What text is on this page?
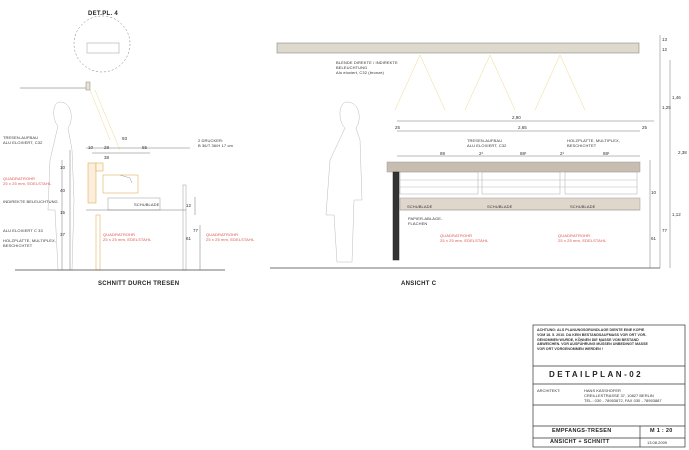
DET.PL. 4
TRESEN-AUFBAU
ALU ELOXIERT, C32
QUADRATROHR
25 x 25 mm, EDELSTAHL
INDIREKTE BELEUCHTUNG
ALU ELOXIERT C 33
HOLZPLATTE, MULTIPLEX,
BESCHICHTET
QUADRATROHR
25 x 25 mm, EDELSTAHL
QUADRATROHR
25 x 25 mm, EDELSTAHL
2 DRUCKER:
B 36/T 36/H 17 cm
SCHUBLADE
93
10 28	55
38
10
40
15
37
12
77
61
SCHNITT DURCH TRESEN
BLENDE DIREKTE / INDIREKTE
BELEUCHTUNG
Alu eloxiert, C32 (bronze)
TRESEN-AUFBAU
ALU ELOXIERT, C32
HOLZPLATTE, MULTIPLEX,
BESCHICHTET
SCHUBLADE	SCHUBLADE	SCHUBLADE
PAPIER-ABLAGE-
FLÄCHEN
QUADRATROHR
25 x 25 mm, EDELSTAHL
QUADRATROHR
25 x 25 mm, EDELSTAHL
2,90
2,65
25	25
89	2¹	88¹	2¹	88¹
13
12
1,25
1,46
2,38
1,12
77
61
10
ANSICHT C
ACHTUNG: ALS PLANUNGSGRUNDLAGE DIENTE EINE KOPIE
VOM 18. 5. 2010. DA KEIN BESTANDSAUFMASS VOR ORT VOR-
GENOMMEN WURDE, KÖNNEN DIE MASSE VOM BESTAND
ABWEICHEN. VOR AUSFÜHRUNG MÜSSEN UNBEDINGT MASSE
VOR ORT VORGENOMMEN WERDEN !
DETAILPLAN-02
ARCHITEKT:	HANS KÄSSHOFER
CREILLESTRASSE 37, 10827 BERLIN
TEL.: 030 - 78953872, FAX 030 - 78953887
EMPFANGS-TRESEN
ANSICHT + SCHNITT
M 1 : 20
13.08.2009
